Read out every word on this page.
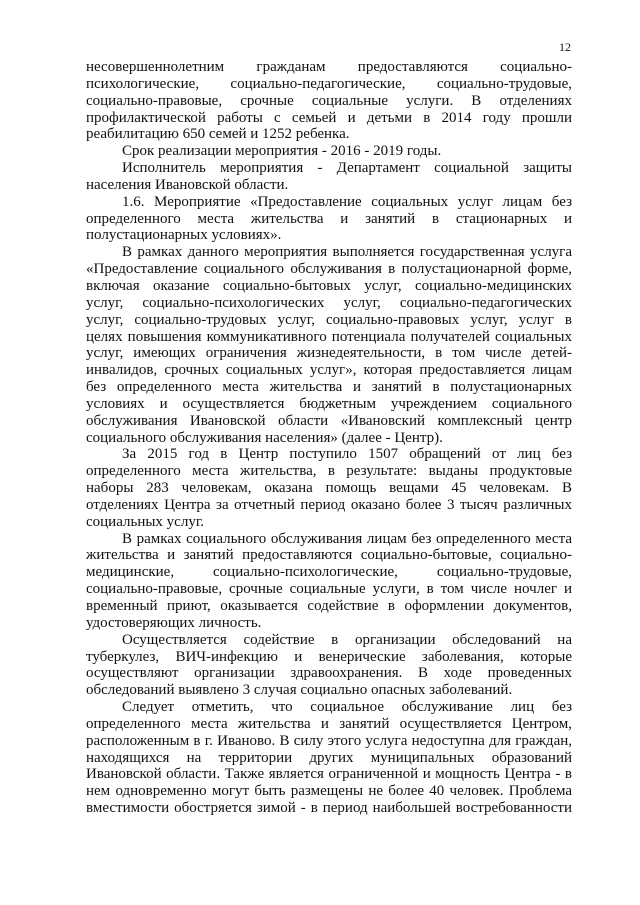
12
несовершеннолетним гражданам предоставляются социально-
психологические, социально-педагогические, социально-трудовые,
социально-правовые, срочные социальные услуги. В отделениях
профилактической работы с семьей и детьми в 2014 году прошли
реабилитацию 650 семей и 1252 ребенка.
Срок реализации мероприятия - 2016 - 2019 годы.
Исполнитель мероприятия - Департамент социальной защиты
населения Ивановской области.
1.6. Мероприятие «Предоставление социальных услуг лицам без
определенного места жительства и занятий в стационарных и
полустационарных условиях».
В рамках данного мероприятия выполняется государственная услуга
«Предоставление социального обслуживания в полустационарной форме,
включая оказание социально-бытовых услуг, социально-медицинских
услуг, социально-психологических услуг, социально-педагогических
услуг, социально-трудовых услуг, социально-правовых услуг, услуг в
целях повышения коммуникативного потенциала получателей социальных
услуг, имеющих ограничения жизнедеятельности, в том числе детей-
инвалидов, срочных социальных услуг», которая предоставляется лицам
без определенного места жительства и занятий в полустационарных
условиях и осуществляется бюджетным учреждением социального
обслуживания Ивановской области «Ивановский комплексный центр
социального обслуживания населения» (далее - Центр).
За 2015 год в Центр поступило 1507 обращений от лиц без
определенного места жительства, в результате: выданы продуктовые
наборы 283 человекам, оказана помощь вещами 45 человекам. В
отделениях Центра за отчетный период оказано более 3 тысяч различных
социальных услуг.
В рамках социального обслуживания лицам без определенного места
жительства и занятий предоставляются социально-бытовые, социально-
медицинские, социально-психологические, социально-трудовые,
социально-правовые, срочные социальные услуги, в том числе ночлег и
временный приют, оказывается содействие в оформлении документов,
удостоверяющих личность.
Осуществляется содействие в организации обследований на
туберкулез, ВИЧ-инфекцию и венерические заболевания, которые
осуществляют организации здравоохранения. В ходе проведенных
обследований выявлено 3 случая социально опасных заболеваний.
Следует отметить, что социальное обслуживание лиц без
определенного места жительства и занятий осуществляется Центром,
расположенным в г. Иваново. В силу этого услуга недоступна для граждан,
находящихся на территории других муниципальных образований
Ивановской области. Также является ограниченной и мощность Центра - в
нем одновременно могут быть размещены не более 40 человек. Проблема
вместимости обостряется зимой - в период наибольшей востребованности
